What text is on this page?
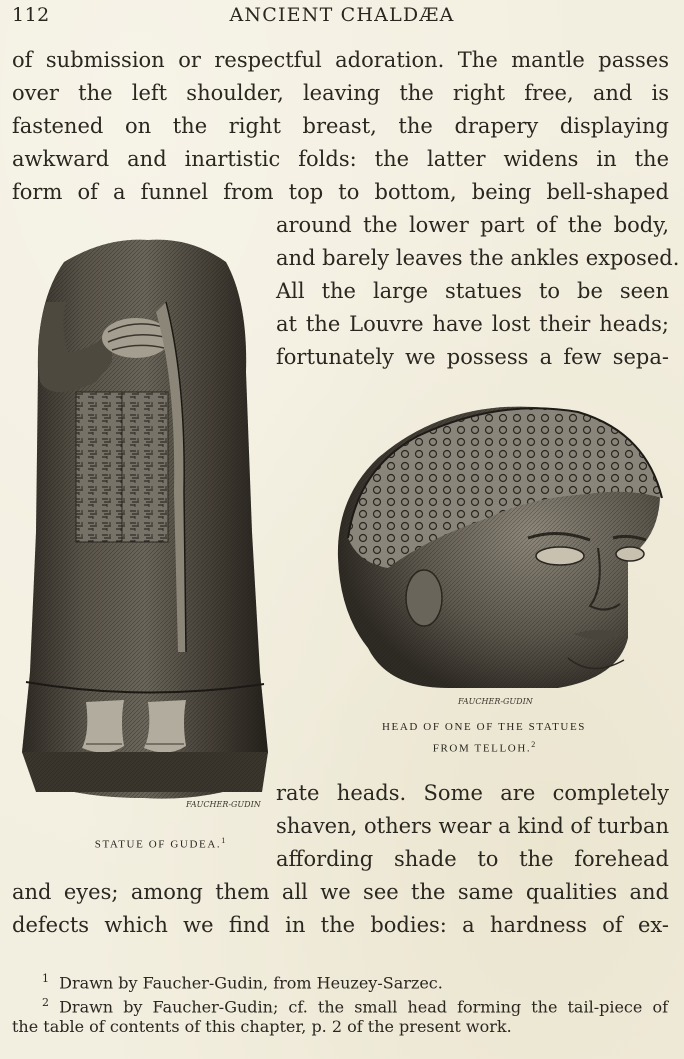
112	ANCIENT CHALDÆA
of submission or respectful adoration. The mantle passes
over the left shoulder, leaving the right free, and is
fastened on the right breast, the drapery displaying
awkward and inartistic folds: the latter widens in the
form of a funnel from top to bottom, being bell-shaped
around the lower part of the body,
and barely leaves the ankles exposed.
All the large statues to be seen
at the Louvre have lost their heads;
fortunately we possess a few sepa-
rate heads. Some are completely
shaven, others wear a kind of turban
affording shade to the forehead
and eyes; among them all we see the same qualities and
defects which we find in the bodies: a hardness of ex-
FAUCHER-GUDIN
FAUCHER-GUDIN
STATUE OF GUDEA.$^1$
HEAD OF ONE OF THE STATUES
FROM TELLOH.$^2$
$^1$ Drawn by Faucher-Gudin, from Heuzey-Sarzec.
$^2$ Drawn by Faucher-Gudin; cf. the small head forming the tail-piece of
the table of contents of this chapter, p. 2 of the present work.
